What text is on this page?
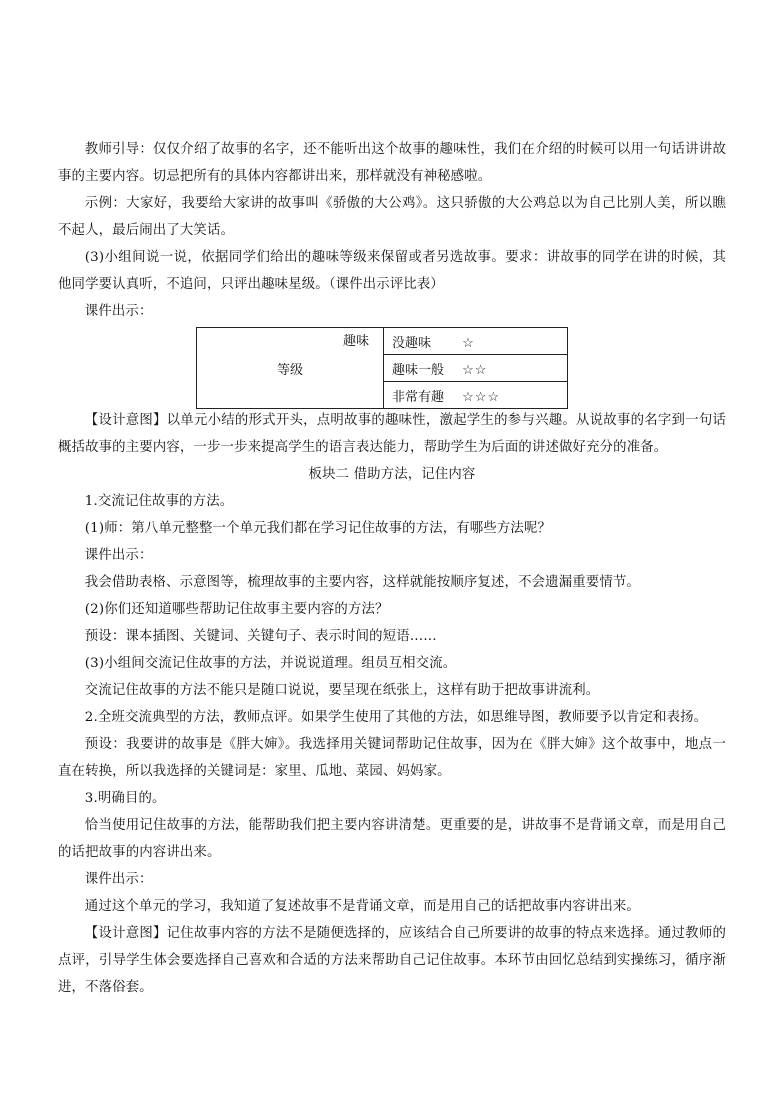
教师引导：仅仅介绍了故事的名字，还不能听出这个故事的趣味性，我们在介绍的时候可以用一句话讲讲故事的主要内容。切忌把所有的具体内容都讲出来，那样就没有神秘感啦。

示例：大家好，我要给大家讲的故事叫《骄傲的大公鸡》。这只骄傲的大公鸡总以为自己比别人美，所以瞧不起人，最后闹出了大笑话。

(3)小组间说一说，依据同学们给出的趣味等级来保留或者另选故事。要求：讲故事的同学在讲的时候，其他同学要认真听，不追问，只评出趣味星级。（课件出示评比表）

课件出示：

趣味
等级	没趣味 ☆
趣味一般 ☆☆
非常有趣 ☆☆☆

【设计意图】以单元小结的形式开头，点明故事的趣味性，激起学生的参与兴趣。从说故事的名字到一句话概括故事的主要内容，一步一步来提高学生的语言表达能力，帮助学生为后面的讲述做好充分的准备。

板块二 借助方法，记住内容

1.交流记住故事的方法。

(1)师：第八单元整整一个单元我们都在学习记住故事的方法，有哪些方法呢？

课件出示：

我会借助表格、示意图等，梳理故事的主要内容，这样就能按顺序复述，不会遗漏重要情节。

(2)你们还知道哪些帮助记住故事主要内容的方法？

预设：课本插图、关键词、关键句子、表示时间的短语……

(3)小组间交流记住故事的方法，并说说道理。组员互相交流。

交流记住故事的方法不能只是随口说说，要呈现在纸张上，这样有助于把故事讲流利。

2.全班交流典型的方法，教师点评。如果学生使用了其他的方法，如思维导图，教师要予以肯定和表扬。

预设：我要讲的故事是《胖大婶》。我选择用关键词帮助记住故事，因为在《胖大婶》这个故事中，地点一直在转换，所以我选择的关键词是：家里、瓜地、菜园、妈妈家。

3.明确目的。

恰当使用记住故事的方法，能帮助我们把主要内容讲清楚。更重要的是，讲故事不是背诵文章，而是用自己的话把故事的内容讲出来。

课件出示：

通过这个单元的学习，我知道了复述故事不是背诵文章，而是用自己的话把故事内容讲出来。

【设计意图】记住故事内容的方法不是随便选择的，应该结合自己所要讲的故事的特点来选择。通过教师的点评，引导学生体会要选择自己喜欢和合适的方法来帮助自己记住故事。本环节由回忆总结到实操练习，循序渐进，不落俗套。
